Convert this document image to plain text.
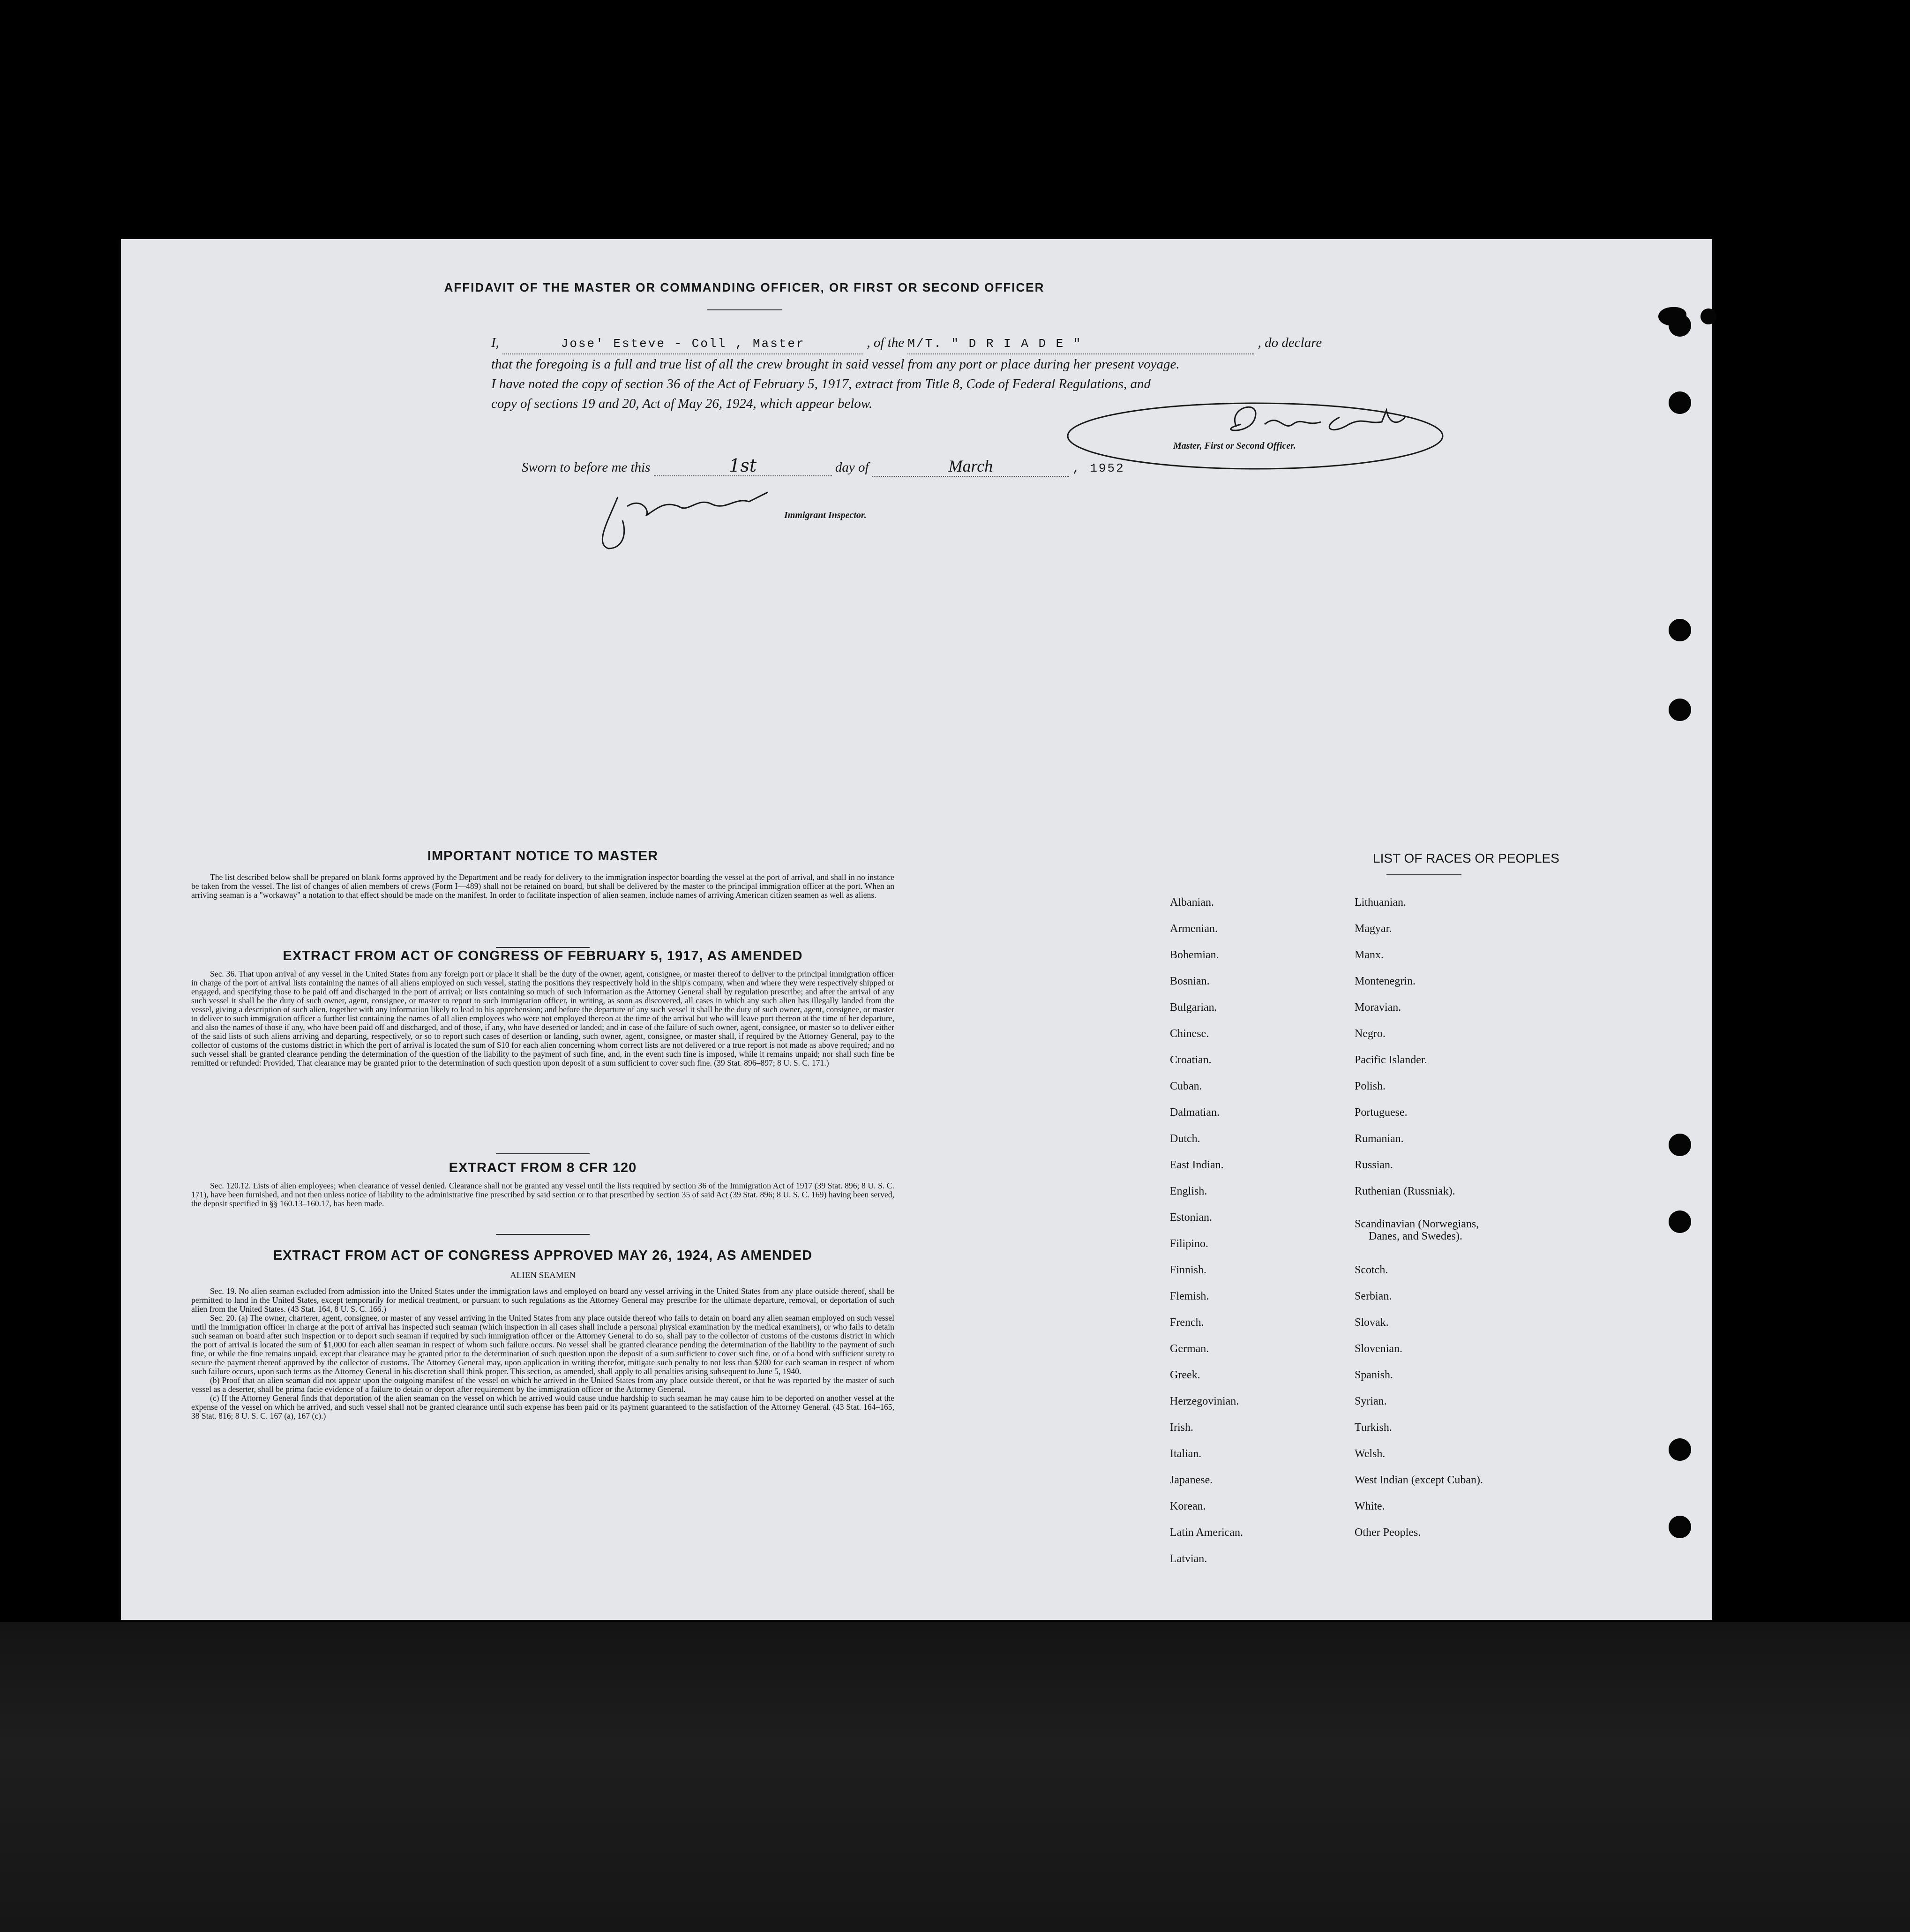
AFFIDAVIT OF THE MASTER OR COMMANDING OFFICER, OR FIRST OR SECOND OFFICER
I,	Jose' Esteve - Coll , Master	, of the M/T. " D R I A D E "	, do declare
that the foregoing is a full and true list of all the crew brought in said vessel from any port or place during her present voyage.
I have noted the copy of section 36 of the Act of February 5, 1917, extract from Title 8, Code of Federal Regulations, and
copy of sections 19 and 20, Act of May 26, 1924, which appear below.
Master, First or Second Officer.
Sworn to before me this	1st	day of	March	, 1952
Immigrant Inspector.
IMPORTANT NOTICE TO MASTER
The list described below shall be prepared on blank forms approved by the Department and be ready for delivery to the immigration inspector boarding the vessel at the port of arrival, and shall in no instance be taken from the vessel. The list of changes of alien members of crews (Form I—489) shall not be retained on board, but shall be delivered by the master to the principal immigration officer at the port. When an arriving seaman is a "workaway" a notation to that effect should be made on the manifest. In order to facilitate inspection of alien seamen, include names of arriving American citizen seamen as well as aliens.
EXTRACT FROM ACT OF CONGRESS OF FEBRUARY 5, 1917, AS AMENDED
Sec. 36. That upon arrival of any vessel in the United States from any foreign port or place it shall be the duty of the owner, agent, consignee, or master thereof to deliver to the principal immigration officer in charge of the port of arrival lists containing the names of all aliens employed on such vessel, stating the positions they respectively hold in the ship's company, when and where they were respectively shipped or engaged, and specifying those to be paid off and discharged in the port of arrival; or lists containing so much of such information as the Attorney General shall by regulation prescribe; and after the arrival of any such vessel it shall be the duty of such owner, agent, consignee, or master to report to such immigration officer, in writing, as soon as discovered, all cases in which any such alien has illegally landed from the vessel, giving a description of such alien, together with any information likely to lead to his apprehension; and before the departure of any such vessel it shall be the duty of such owner, agent, consignee, or master to deliver to such immigration officer a further list containing the names of all alien employees who were not employed thereon at the time of the arrival but who will leave port thereon at the time of her departure, and also the names of those if any, who have been paid off and discharged, and of those, if any, who have deserted or landed; and in case of the failure of such owner, agent, consignee, or master so to deliver either of the said lists of such aliens arriving and departing, respectively, or so to report such cases of desertion or landing, such owner, agent, consignee, or master shall, if required by the Attorney General, pay to the collector of customs of the customs district in which the port of arrival is located the sum of $10 for each alien concerning whom correct lists are not delivered or a true report is not made as above required; and no such vessel shall be granted clearance pending the determination of the question of the liability to the payment of such fine, and, in the event such fine is imposed, while it remains unpaid; nor shall such fine be remitted or refunded: Provided, That clearance may be granted prior to the determination of such question upon deposit of a sum sufficient to cover such fine. (39 Stat. 896–897; 8 U. S. C. 171.)
EXTRACT FROM 8 CFR 120
Sec. 120.12. Lists of alien employees; when clearance of vessel denied. Clearance shall not be granted any vessel until the lists required by section 36 of the Immigration Act of 1917 (39 Stat. 896; 8 U. S. C. 171), have been furnished, and not then unless notice of liability to the administrative fine prescribed by said section or to that prescribed by section 35 of said Act (39 Stat. 896; 8 U. S. C. 169) having been served, the deposit specified in §§ 160.13–160.17, has been made.
EXTRACT FROM ACT OF CONGRESS APPROVED MAY 26, 1924, AS AMENDED
ALIEN SEAMEN
Sec. 19. No alien seaman excluded from admission into the United States under the immigration laws and employed on board any vessel arriving in the United States from any place outside thereof, shall be permitted to land in the United States, except temporarily for medical treatment, or pursuant to such regulations as the Attorney General may prescribe for the ultimate departure, removal, or deportation of such alien from the United States. (43 Stat. 164, 8 U. S. C. 166.)
Sec. 20. (a) The owner, charterer, agent, consignee, or master of any vessel arriving in the United States from any place outside thereof who fails to detain on board any alien seaman employed on such vessel until the immigration officer in charge at the port of arrival has inspected such seaman (which inspection in all cases shall include a personal physical examination by the medical examiners), or who fails to detain such seaman on board after such inspection or to deport such seaman if required by such immigration officer or the Attorney General to do so, shall pay to the collector of customs of the customs district in which the port of arrival is located the sum of $1,000 for each alien seaman in respect of whom such failure occurs. No vessel shall be granted clearance pending the determination of the liability to the payment of such fine, or while the fine remains unpaid, except that clearance may be granted prior to the determination of such question upon the deposit of a sum sufficient to cover such fine, or of a bond with sufficient surety to secure the payment thereof approved by the collector of customs. The Attorney General may, upon application in writing therefor, mitigate such penalty to not less than $200 for each seaman in respect of whom such failure occurs, upon such terms as the Attorney General in his discretion shall think proper. This section, as amended, shall apply to all penalties arising subsequent to June 5, 1940.
(b) Proof that an alien seaman did not appear upon the outgoing manifest of the vessel on which he arrived in the United States from any place outside thereof, or that he was reported by the master of such vessel as a deserter, shall be prima facie evidence of a failure to detain or deport after requirement by the immigration officer or the Attorney General.
(c) If the Attorney General finds that deportation of the alien seaman on the vessel on which he arrived would cause undue hardship to such seaman he may cause him to be deported on another vessel at the expense of the vessel on which he arrived, and such vessel shall not be granted clearance until such expense has been paid or its payment guaranteed to the satisfaction of the Attorney General. (43 Stat. 164–165, 38 Stat. 816; 8 U. S. C. 167 (a), 167 (c).)
LIST OF RACES OR PEOPLES
Albanian.
Armenian.
Bohemian.
Bosnian.
Bulgarian.
Chinese.
Croatian.
Cuban.
Dalmatian.
Dutch.
East Indian.
English.
Estonian.
Filipino.
Finnish.
Flemish.
French.
German.
Greek.
Herzegovinian.
Irish.
Italian.
Japanese.
Korean.
Latin American.
Latvian.
Lithuanian.
Magyar.
Manx.
Montenegrin.
Moravian.
Negro.
Pacific Islander.
Polish.
Portuguese.
Rumanian.
Russian.
Ruthenian (Russniak).
Scandinavian (Norwegians,
Danes, and Swedes).
Scotch.
Serbian.
Slovak.
Slovenian.
Spanish.
Syrian.
Turkish.
Welsh.
West Indian (except Cuban).
White.
Other Peoples.
